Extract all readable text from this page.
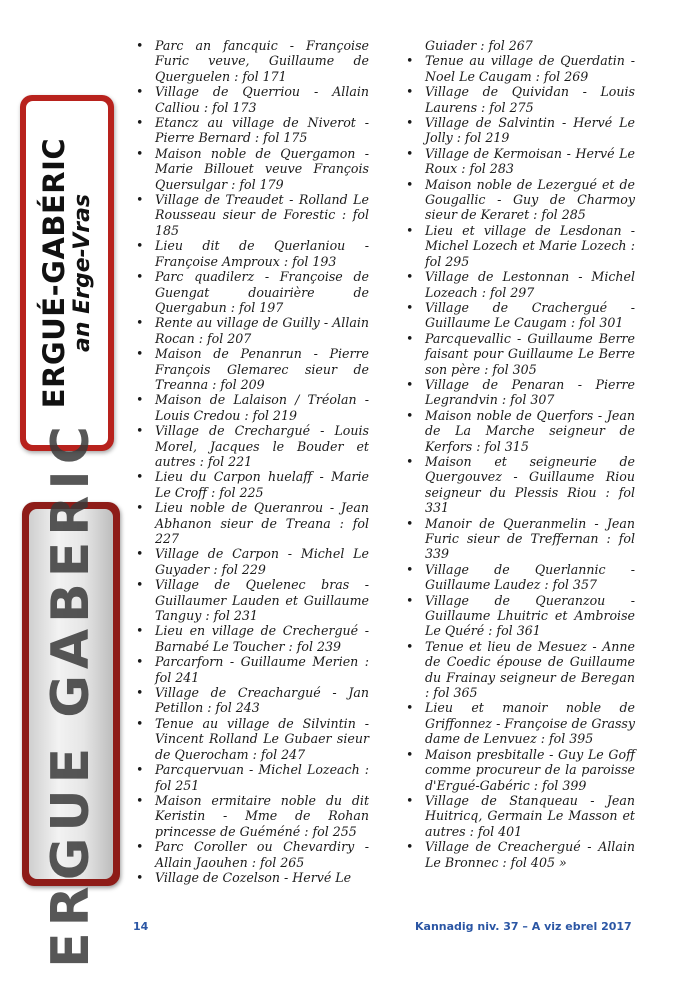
ERGUÉ-GABÉRIC an Erge-Vras
ERGUE GABERIC
• Parc an fancquic - Françoise Furic veuve, Guillaume de Querguelen : fol 171
• Village de Querriou - Allain Calliou : fol 173
• Etancz au village de Niverot - Pierre Bernard : fol 175
• Maison noble de Quergamon - Marie Billouet veuve François Quersulgar : fol 179
• Village de Treaudet - Rolland Le Rousseau sieur de Forestic : fol 185
• Lieu dit de Querlaniou - Françoise Amproux : fol 193
• Parc quadilerz - Françoise de Guengat douairière de Quergabun : fol 197
• Rente au village de Guilly - Allain Rocan : fol 207
• Maison de Penanrun - Pierre François Glemarec sieur de Treanna : fol 209
• Maison de Lalaison / Tréolan - Louis Credou : fol 219
• Village de Crechargué - Louis Morel, Jacques le Bouder et autres : fol 221
• Lieu du Carpon huelaff - Marie Le Croff : fol 225
• Lieu noble de Queranrou - Jean Abhanon sieur de Treana : fol 227
• Village de Carpon - Michel Le Guyader : fol 229
• Village de Quelenec bras - Guillaumer Lauden et Guillaume Tanguy : fol 231
• Lieu en village de Crechergué - Barnabé Le Toucher : fol 239
• Parcarforn - Guillaume Merien : fol 241
• Village de Creachargué - Jan Petillon : fol 243
• Tenue au village de Silvintin - Vincent Rolland Le Gubaer sieur de Querocham : fol 247
• Parcquervuan - Michel Lozeach : fol 251
• Maison ermitaire noble du dit Keristin - Mme de Rohan princesse de Guéméné : fol 255
• Parc Coroller ou Chevardiry - Allain Jaouhen : fol 265
• Village de Cozelson - Hervé Le
Guiader : fol 267
• Tenue au village de Querdatin - Noel Le Caugam : fol 269
• Village de Quividan - Louis Laurens : fol 275
• Village de Salvintin - Hervé Le Jolly : fol 219
• Village de Kermoisan - Hervé Le Roux : fol 283
• Maison noble de Lezergué et de Gougallic - Guy de Charmoy sieur de Keraret : fol 285
• Lieu et village de Lesdonan - Michel Lozech et Marie Lozech : fol 295
• Village de Lestonnan - Michel Lozeach : fol 297
• Village de Crachergué - Guillaume Le Caugam : fol 301
• Parcquevallic - Guillaume Berre faisant pour Guillaume Le Berre son père : fol 305
• Village de Penaran - Pierre Legrandvin : fol 307
• Maison noble de Querfors - Jean de La Marche seigneur de Kerfors : fol 315
• Maison et seigneurie de Quergouvez - Guillaume Riou seigneur du Plessis Riou : fol 331
• Manoir de Queranmelin - Jean Furic sieur de Treffernan : fol 339
• Village de Querlannic - Guillaume Laudez : fol 357
• Village de Queranzou - Guillaume Lhuitric et Ambroise Le Quéré : fol 361
• Tenue et lieu de Mesuez - Anne de Coedic épouse de Guillaume du Frainay seigneur de Beregan : fol 365
• Lieu et manoir noble de Griffonnez - Françoise de Grassy dame de Lenvuez : fol 395
• Maison presbitalle - Guy Le Goff comme procureur de la paroisse d'Ergué-Gabéric : fol 399
• Village de Stanqueau - Jean Huitricq, Germain Le Masson et autres : fol 401
• Village de Creachergué - Allain Le Bronnec : fol 405 »
14	Kannadig niv. 37 – A viz ebrel 2017
